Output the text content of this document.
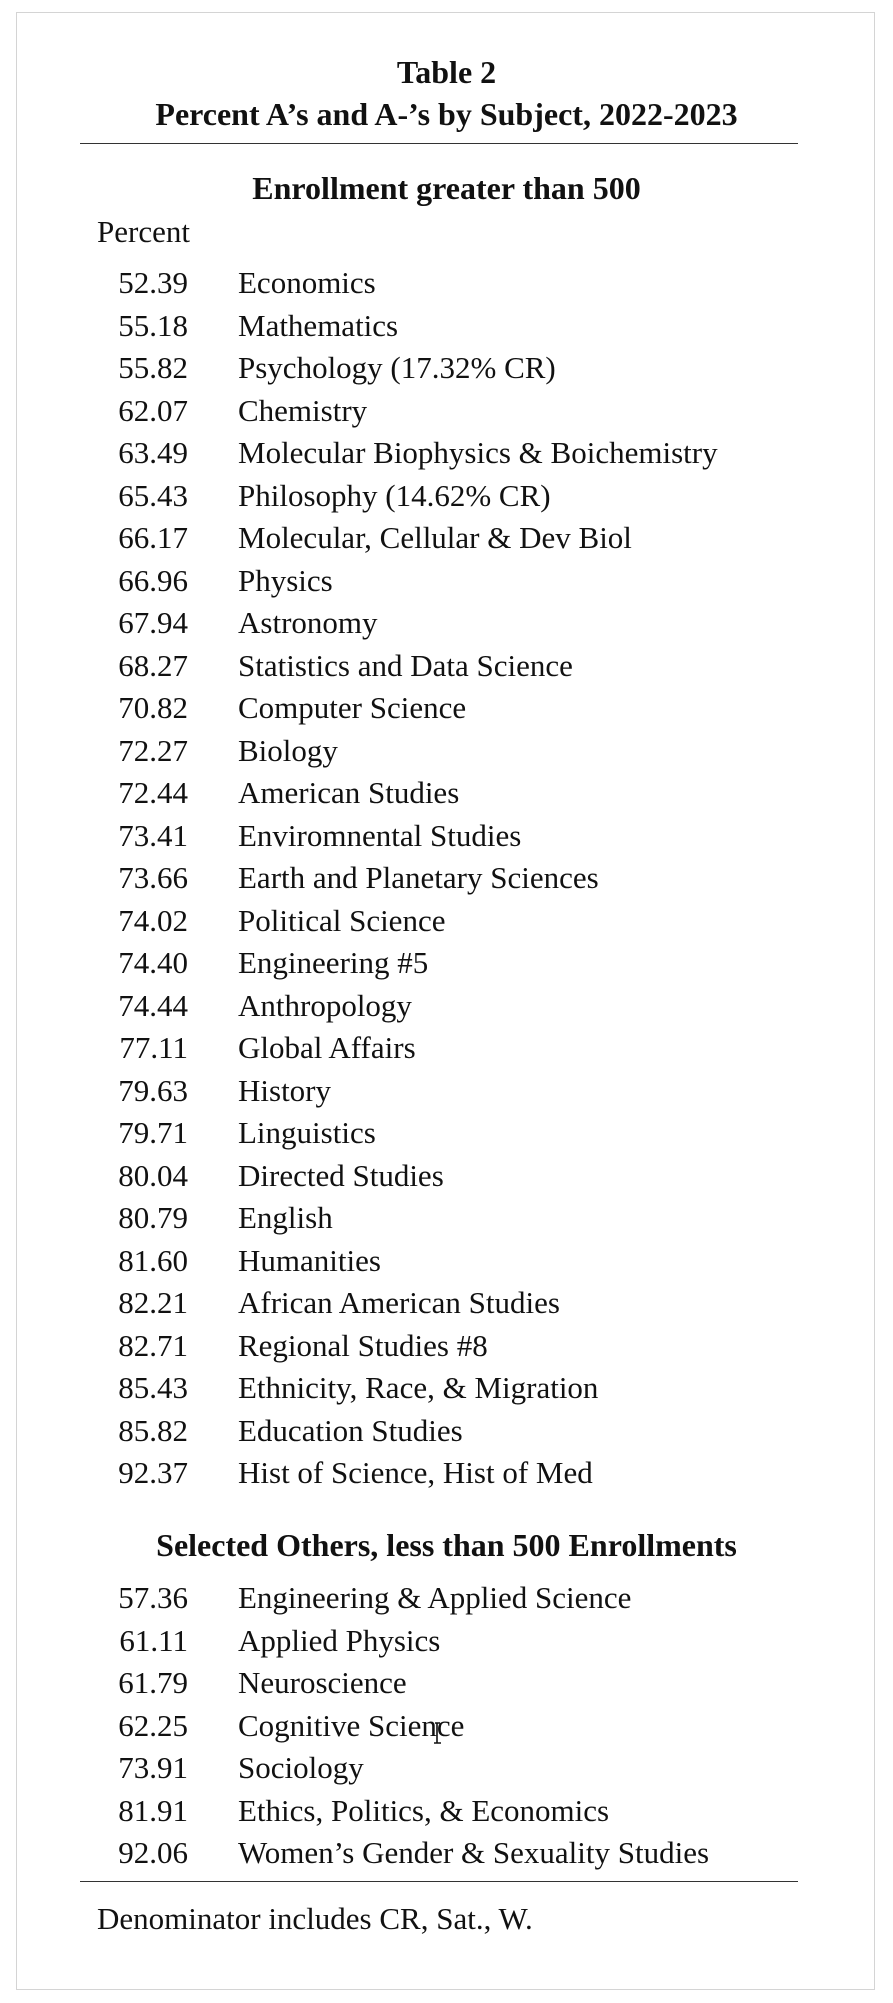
Table 2
Percent A’s and A-’s by Subject, 2022-2023
Enrollment greater than 500
Percent
52.39 Economics
55.18 Mathematics
55.82 Psychology (17.32% CR)
62.07 Chemistry
63.49 Molecular Biophysics & Boichemistry
65.43 Philosophy (14.62% CR)
66.17 Molecular, Cellular & Dev Biol
66.96 Physics
67.94 Astronomy
68.27 Statistics and Data Science
70.82 Computer Science
72.27 Biology
72.44 American Studies
73.41 Enviromnental Studies
73.66 Earth and Planetary Sciences
74.02 Political Science
74.40 Engineering #5
74.44 Anthropology
77.11 Global Affairs
79.63 History
79.71 Linguistics
80.04 Directed Studies
80.79 English
81.60 Humanities
82.21 African American Studies
82.71 Regional Studies #8
85.43 Ethnicity, Race, & Migration
85.82 Education Studies
92.37 Hist of Science, Hist of Med
Selected Others, less than 500 Enrollments
57.36 Engineering & Applied Science
61.11 Applied Physics
61.79 Neuroscience
62.25 Cognitive Science
73.91 Sociology
81.91 Ethics, Politics, & Economics
92.06 Women’s Gender & Sexuality Studies
Denominator includes CR, Sat., W.
